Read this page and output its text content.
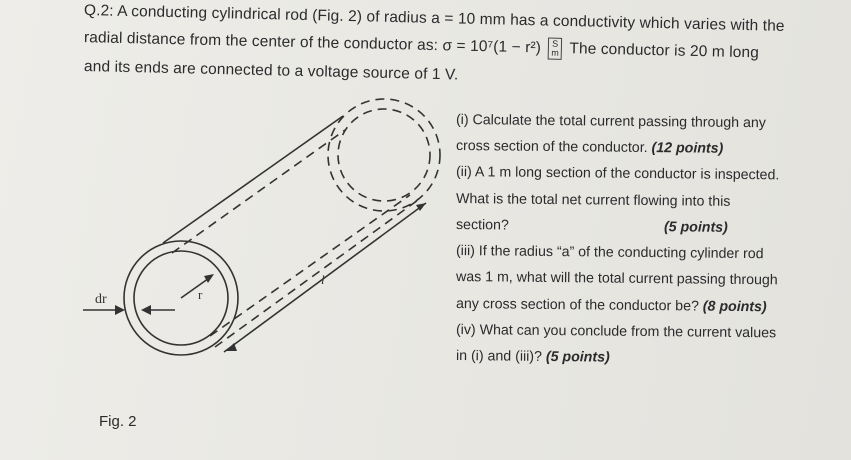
Q.2: A conducting cylindrical rod (Fig. 2) of radius a = 10 mm has a conductivity which varies with the
radial distance from the center of the conductor as: σ = 10⁷(1 − r²) S
m The conductor is 20 m long
and its ends are connected to a voltage source of 1 V.
(i) Calculate the total current passing through any
cross section of the conductor. (12 points)
(ii) A 1 m long section of the conductor is inspected.
What is the total net current flowing into this
section?	(5 points)
(iii) If the radius “a” of the conducting cylinder rod
was 1 m, what will the total current passing through
any cross section of the conductor be? (8 points)
(iv) What can you conclude from the current values
in (i) and (iii)? (5 points)
dr	r
l
Fig. 2
